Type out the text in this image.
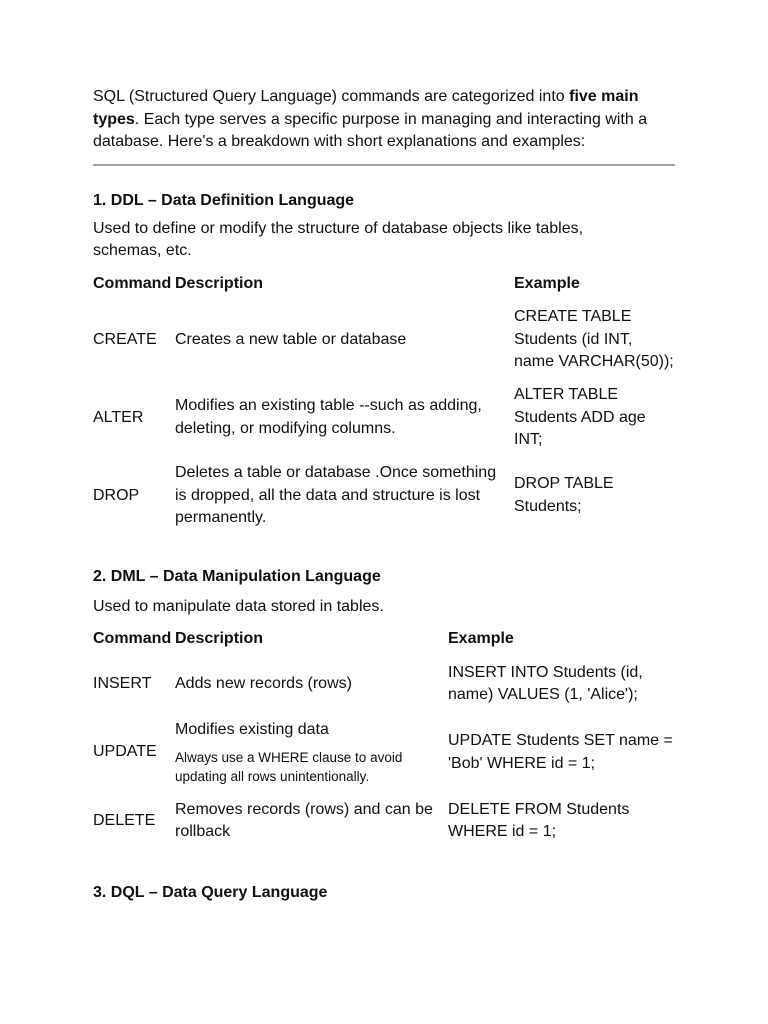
SQL (Structured Query Language) commands are categorized into five main types. Each type serves a specific purpose in managing and interacting with a database. Here's a breakdown with short explanations and examples:

1. DDL – Data Definition Language

Used to define or modify the structure of database objects like tables, schemas, etc.

Command	Description	Example

CREATE	Creates a new table or database	CREATE TABLE Students (id INT, name VARCHAR(50));

ALTER	Modifies an existing table --such as adding, deleting, or modifying columns.	ALTER TABLE Students ADD age INT;

DROP	Deletes a table or database .Once something is dropped, all the data and structure is lost permanently.	DROP TABLE Students;
2. DML – Data Manipulation Language

Used to manipulate data stored in tables.

Command	Description	Example

INSERT	Adds new records (rows)	INSERT INTO Students (id, name) VALUES (1, 'Alice');

UPDATE	Modifies existing data
Always use a WHERE clause to avoid updating all rows unintentionally.	UPDATE Students SET name = 'Bob' WHERE id = 1;

DELETE	Removes records (rows) and can be rollback	DELETE FROM Students WHERE id = 1;
3. DQL – Data Query Language
